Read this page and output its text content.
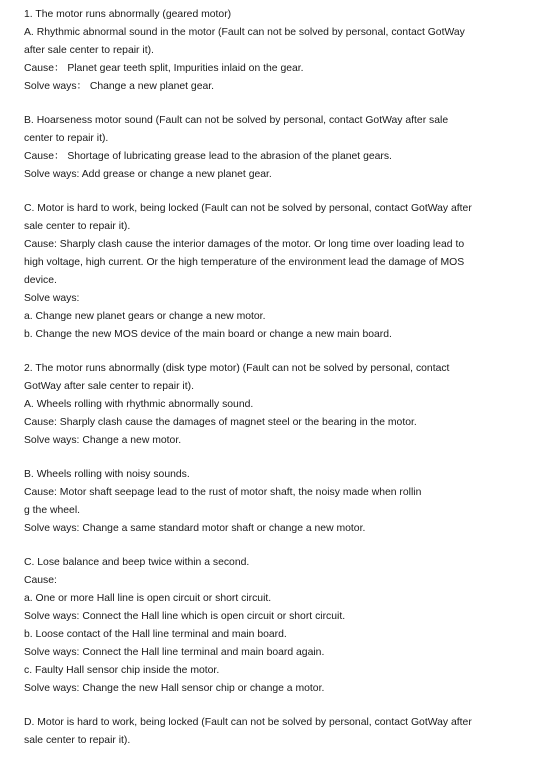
1. The motor runs abnormally (geared motor)
A. Rhythmic abnormal sound in the motor (Fault can not be solved by personal, contact GotWay
after sale center to repair it).
Cause： Planet gear teeth split, Impurities inlaid on the gear.
Solve ways： Change a new planet gear.
B. Hoarseness motor sound (Fault can not be solved by personal, contact GotWay after sale
center to repair it).
Cause： Shortage of lubricating grease lead to the abrasion of the planet gears.
Solve ways: Add grease or change a new planet gear.
C. Motor is hard to work, being locked (Fault can not be solved by personal, contact GotWay after
sale center to repair it).
Cause: Sharply clash cause the interior damages of the motor. Or long time over loading lead to
high voltage, high current. Or the high temperature of the environment lead the damage of MOS
device.
Solve ways:
a. Change new planet gears or change a new motor.
b. Change the new MOS device of the main board or change a new main board.
2. The motor runs abnormally (disk type motor) (Fault can not be solved by personal, contact
GotWay after sale center to repair it).
A. Wheels rolling with rhythmic abnormally sound.
Cause: Sharply clash cause the damages of magnet steel or the bearing in the motor.
Solve ways: Change a new motor.
B. Wheels rolling with noisy sounds.
Cause: Motor shaft seepage lead to the rust of motor shaft, the noisy made when rollin
g the wheel.
Solve ways: Change a same standard motor shaft or change a new motor.
C. Lose balance and beep twice within a second.
Cause:
a. One or more Hall line is open circuit or short circuit.
Solve ways: Connect the Hall line which is open circuit or short circuit.
b. Loose contact of the Hall line terminal and main board.
Solve ways: Connect the Hall line terminal and main board again.
c. Faulty Hall sensor chip inside the motor.
Solve ways: Change the new Hall sensor chip or change a motor.
D. Motor is hard to work, being locked (Fault can not be solved by personal, contact GotWay after
sale center to repair it).
